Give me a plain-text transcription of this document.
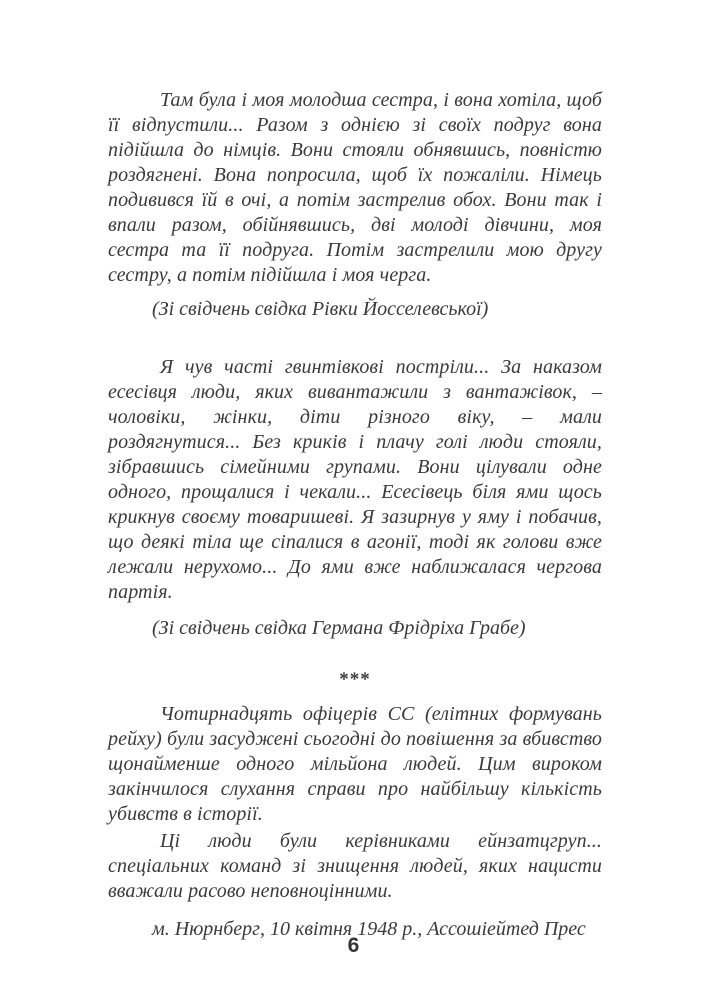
Там була і моя молодша сестра, і вона хотіла, щоб її відпустили... Разом з однією зі своїх подруг вона підійшла до німців. Вони стояли обнявшись, повністю роздягнені. Вона попросила, щоб їх пожаліли. Німець подивився їй в очі, а потім застрелив обох. Вони так і впали разом, обійнявшись, дві молоді дівчини, моя сестра та її подруга. Потім застрелили мою другу сестру, а потім підійшла і моя черга.

(Зі свідчень свідка Рівки Йосселевської)

Я чув часті гвинтівкові постріли... За наказом есесівця люди, яких вивантажили з вантажівок, – чоловіки, жінки, діти різного віку, – мали роздягнутися... Без криків і плачу голі люди стояли, зібравшись сімейними групами. Вони цілували одне одного, прощалися і чекали... Есесівець біля ями щось крикнув своєму товаришеві. Я зазирнув у яму і побачив, що деякі тіла ще сіпалися в агонії, тоді як голови вже лежали нерухомо... До ями вже наближалася чергова партія.

(Зі свідчень свідка Германа Фрідріха Грабе)

***

Чотирнадцять офіцерів СС (елітних формувань рейху) були засуджені сьогодні до повішення за вбивство щонайменше одного мільйона людей. Цим вироком закінчилося слухання справи про найбільшу кількість убивств в історії.

Ці люди були керівниками ейнзатцгруп... спеціальних команд зі знищення людей, яких нацисти вважали расово неповноцінними.

м. Нюрнберг, 10 квітня 1948 р., Ассошіейтед Прес

6
